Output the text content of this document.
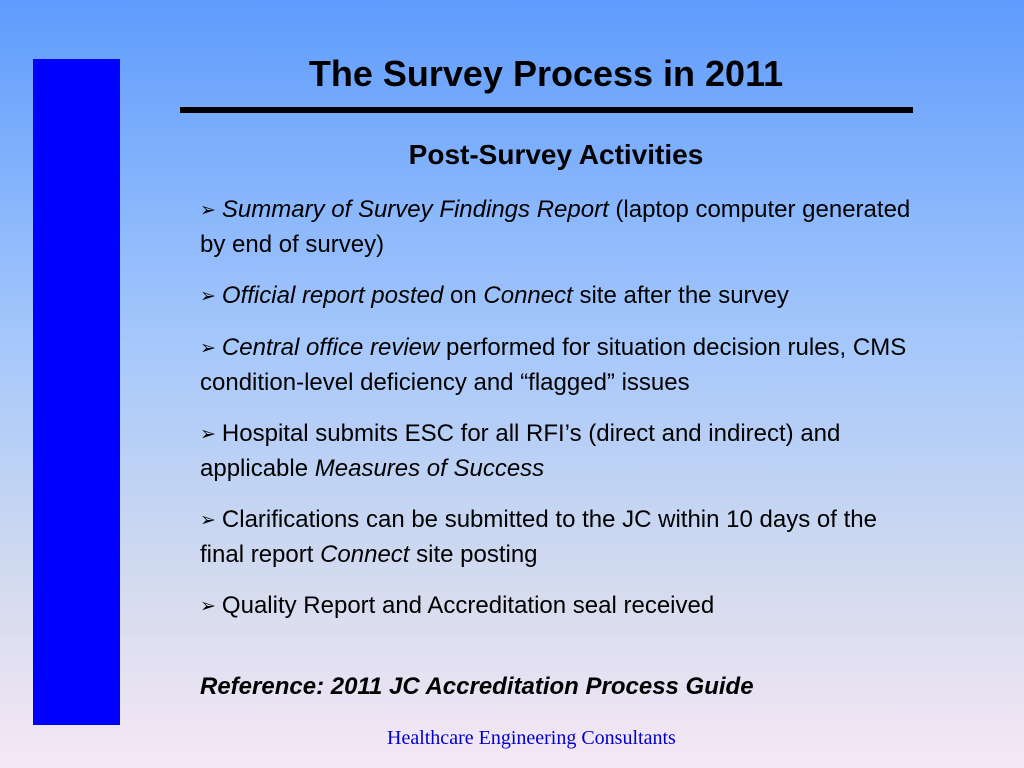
The Survey Process in 2011
Post-Survey Activities
➢ Summary of Survey Findings Report (laptop computer generated by end of survey)
➢ Official report posted on Connect site after the survey
➢ Central office review performed for situation decision rules, CMS condition-level deficiency and “flagged” issues
➢ Hospital submits ESC for all RFI’s (direct and indirect) and applicable Measures of Success
➢ Clarifications can be submitted to the JC within 10 days of the final report Connect site posting
➢ Quality Report and Accreditation seal received
Reference: 2011 JC Accreditation Process Guide
Healthcare Engineering Consultants
